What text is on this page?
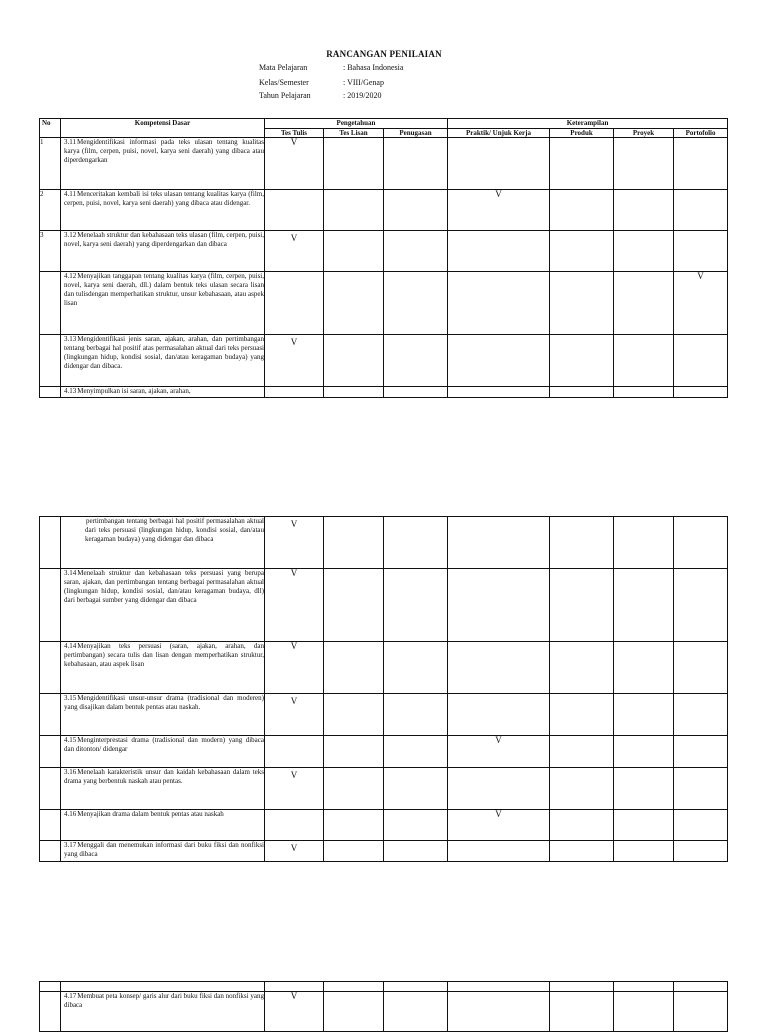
RANCANGAN PENILAIAN
Mata Pelajaran	: Bahasa Indonesia
Kelas/Semester	: VIII/Genap
Tahun Pelajaran	: 2019/2020
No	Kompetensi Dasar	Pengetahuan			Keterampilan			
		Tes Tulis	Tes Lisan	Penugasan	Praktik/ Unjuk Kerja	Produk	Proyek	Portofolio
1	3.11Mengidentifikasi informasi pada teks ulasan tentang kualitas karya (film, cerpen, puisi, novel, karya seni daerah) yang dibaca atau diperdengarkan	V						
2	4.11Menceritakan kembali isi teks ulasan tentang kualitas karya (film, cerpen, puisi, novel, karya seni daerah) yang dibaca atau didengar.				V			
3	3.12Menelaah struktur dan kebahasaan teks ulasan (film, cerpen, puisi, novel, karya seni daerah) yang diperdengarkan dan dibaca	V						
	4.12Menyajikan tanggapan tentang kualitas karya (film, cerpen, puisi, novel, karya seni daerah, dll.) dalam bentuk teks ulasan secara lisan dan tulisdengan memperhatikan struktur, unsur kebahasaan, atau aspek lisan							V
	3.13Mengidentifikasi jenis saran, ajakan, arahan, dan pertimbangan tentang berbagai hal positif atas permasalahan aktual dari teks persuasi (lingkungan hidup, kondisi sosial, dan/atau keragaman budaya) yang didengar dan dibaca.	V						
	4.13Menyimpulkan isi saran, ajakan, arahan,							
	pertimbangan tentang berbagai hal positif permasalahan aktual dari teks persuasi (lingkungan hidup, kondisi sosial, dan/atau keragaman budaya) yang didengar dan dibaca	V						
	3.14Menelaah struktur dan kebahasaan teks persuasi yang berupa saran, ajakan, dan pertimbangan tentang berbagai permasalahan aktual (lingkungan hidup, kondisi sosial, dan/atau keragaman budaya, dll) dari berbagai sumber yang didengar dan dibaca	V						
	4.14Menyajikan teks persuasi (saran, ajakan, arahan, dan pertimbangan) secara tulis dan lisan dengan memperhatikan struktur, kebahasaan, atau aspek lisan	V						
	3.15Mengidentifikasi unsur-unsur drama (tradisional dan moderen) yang disajikan dalam bentuk pentas atau naskah.	V						
	4.15Menginterprestasi drama (tradisional dan modern) yang dibaca dan ditonton/ didengar				V			
	3.16Menelaah karakteristik unsur dan kaidah kebahasaan dalam teks drama yang berbentuk naskah atau pentas.	V						
	4.16Menyajikan drama dalam bentuk pentas atau naskah				V			
	3.17Menggali dan menemukan informasi dari buku fiksi dan nonfiksi yang dibaca	V						

	4.17Membuat peta konsep/ garis alur dari buku fiksi dan nonfiksi yang dibaca	V						
